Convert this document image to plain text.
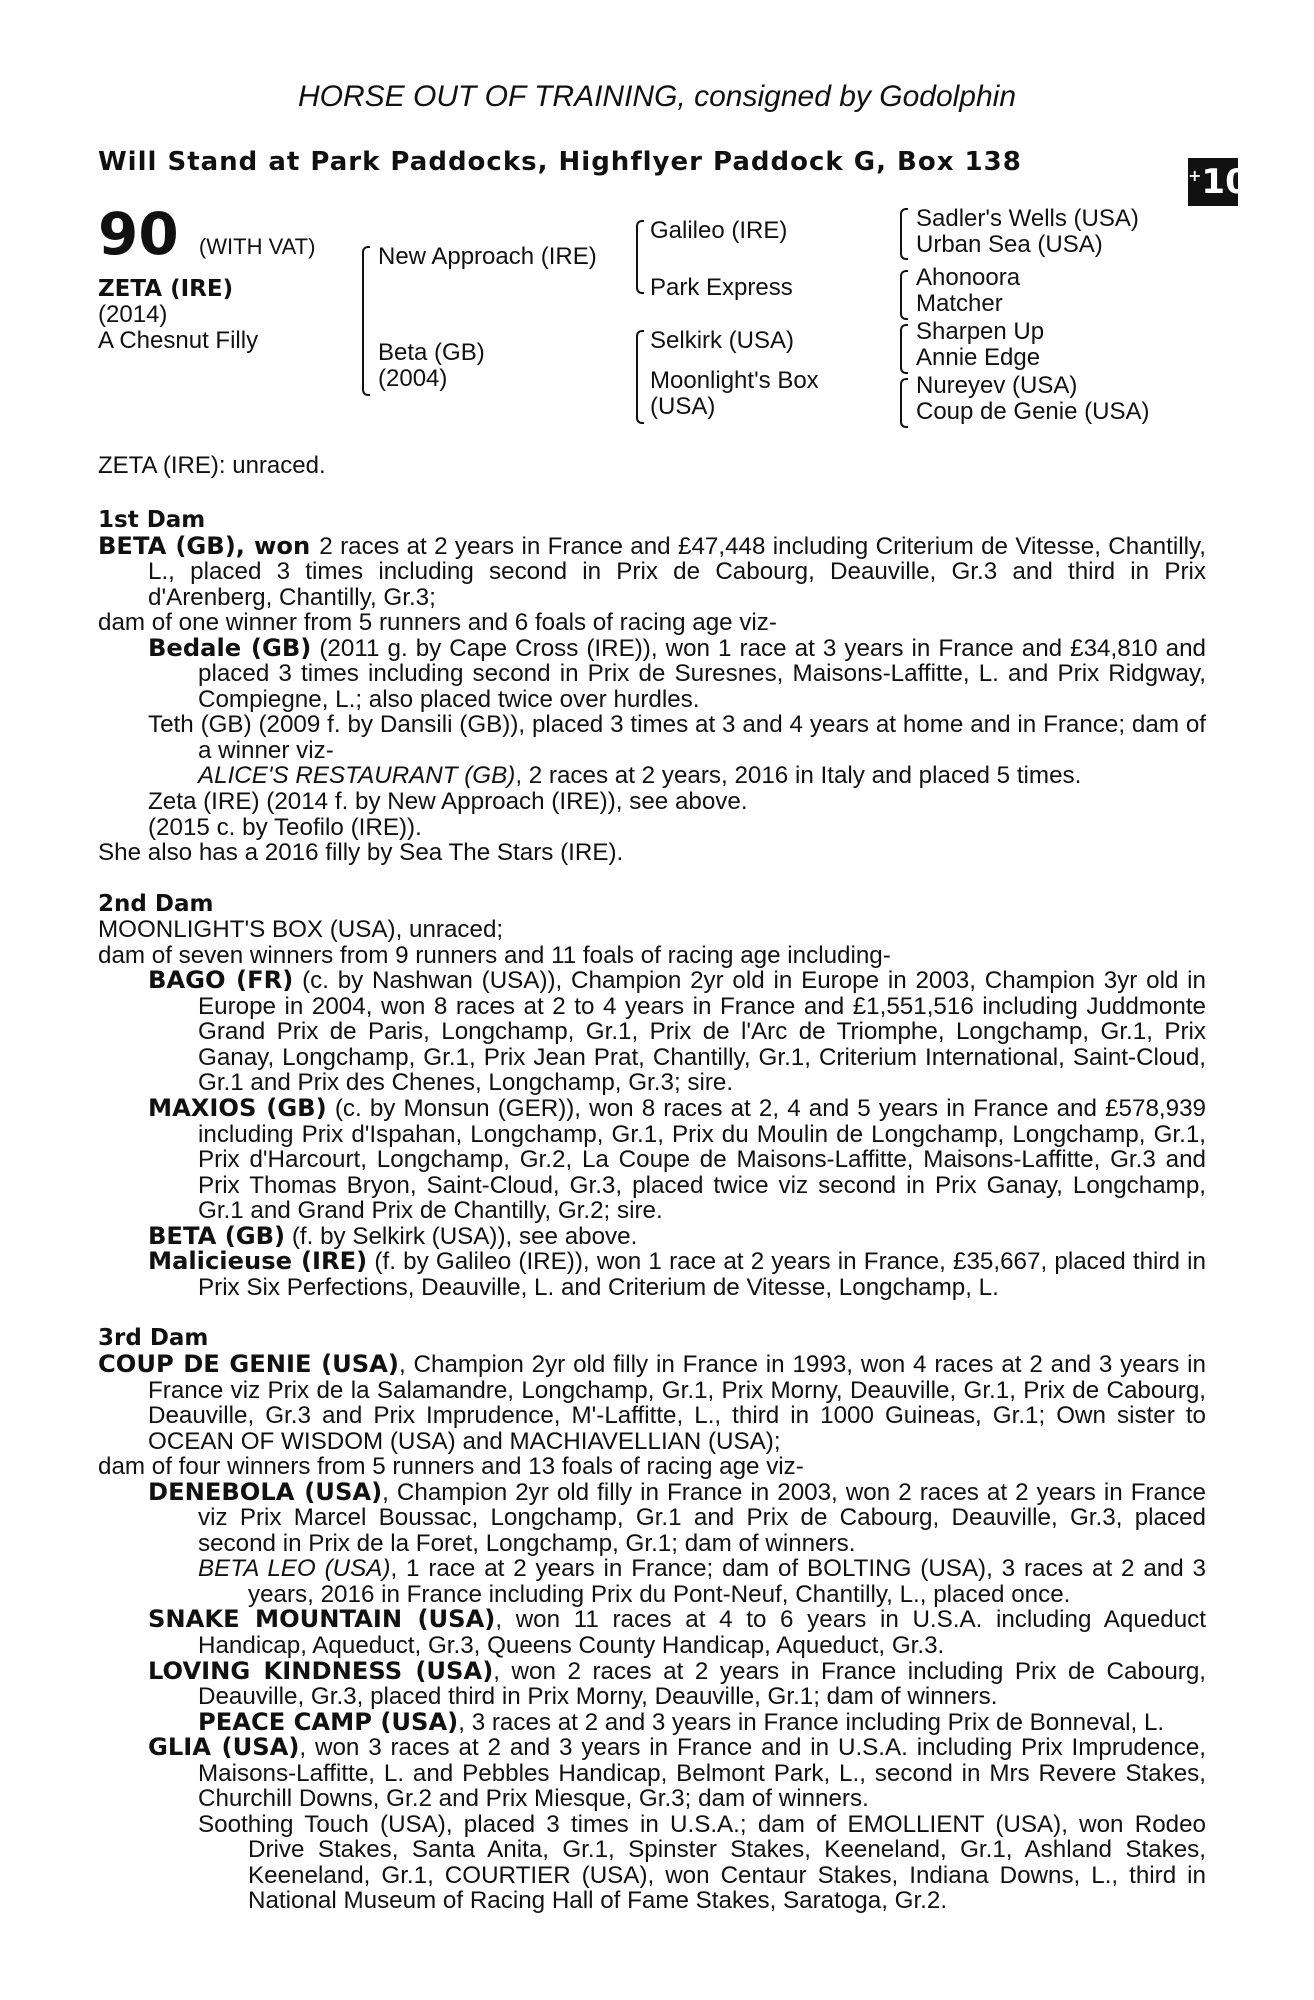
HORSE OUT OF TRAINING, consigned by Godolphin
Will Stand at Park Paddocks, Highflyer Paddock G, Box 138	+10
90 (WITH VAT)
ZETA (IRE)
(2014)
A Chesnut Filly
New Approach (IRE)
Beta (GB)
(2004)
Galileo (IRE)
Park Express
Selkirk (USA)
Moonlight's Box
(USA)
Sadler's Wells (USA)
Urban Sea (USA)
Ahonoora
Matcher
Sharpen Up
Annie Edge
Nureyev (USA)
Coup de Genie (USA)
ZETA (IRE): unraced.

1st Dam

BETA (GB), won 2 races at 2 years in France and £47,448 including Criterium de Vitesse, Chantilly, L., placed 3 times including second in Prix de Cabourg, Deauville, Gr.3 and third in Prix d'Arenberg, Chantilly, Gr.3;

dam of one winner from 5 runners and 6 foals of racing age viz-

Bedale (GB) (2011 g. by Cape Cross (IRE)), won 1 race at 3 years in France and £34,810 and placed 3 times including second in Prix de Suresnes, Maisons-Laffitte, L. and Prix Ridgway, Compiegne, L.; also placed twice over hurdles.

Teth (GB) (2009 f. by Dansili (GB)), placed 3 times at 3 and 4 years at home and in France; dam of a winner viz-

ALICE'S RESTAURANT (GB), 2 races at 2 years, 2016 in Italy and placed 5 times.

Zeta (IRE) (2014 f. by New Approach (IRE)), see above.

(2015 c. by Teofilo (IRE)).

She also has a 2016 filly by Sea The Stars (IRE).

2nd Dam

MOONLIGHT'S BOX (USA), unraced;

dam of seven winners from 9 runners and 11 foals of racing age including-

BAGO (FR) (c. by Nashwan (USA)), Champion 2yr old in Europe in 2003, Champion 3yr old in Europe in 2004, won 8 races at 2 to 4 years in France and £1,551,516 including Juddmonte Grand Prix de Paris, Longchamp, Gr.1, Prix de l'Arc de Triomphe, Longchamp, Gr.1, Prix Ganay, Longchamp, Gr.1, Prix Jean Prat, Chantilly, Gr.1, Criterium International, Saint-Cloud, Gr.1 and Prix des Chenes, Longchamp, Gr.3; sire.

MAXIOS (GB) (c. by Monsun (GER)), won 8 races at 2, 4 and 5 years in France and £578,939 including Prix d'Ispahan, Longchamp, Gr.1, Prix du Moulin de Longchamp, Longchamp, Gr.1, Prix d'Harcourt, Longchamp, Gr.2, La Coupe de Maisons-Laffitte, Maisons-Laffitte, Gr.3 and Prix Thomas Bryon, Saint-Cloud, Gr.3, placed twice viz second in Prix Ganay, Longchamp, Gr.1 and Grand Prix de Chantilly, Gr.2; sire.

BETA (GB) (f. by Selkirk (USA)), see above.

Malicieuse (IRE) (f. by Galileo (IRE)), won 1 race at 2 years in France, £35,667, placed third in Prix Six Perfections, Deauville, L. and Criterium de Vitesse, Longchamp, L.

3rd Dam

COUP DE GENIE (USA), Champion 2yr old filly in France in 1993, won 4 races at 2 and 3 years in France viz Prix de la Salamandre, Longchamp, Gr.1, Prix Morny, Deauville, Gr.1, Prix de Cabourg, Deauville, Gr.3 and Prix Imprudence, M'-Laffitte, L., third in 1000 Guineas, Gr.1; Own sister to OCEAN OF WISDOM (USA) and MACHIAVELLIAN (USA);

dam of four winners from 5 runners and 13 foals of racing age viz-

DENEBOLA (USA), Champion 2yr old filly in France in 2003, won 2 races at 2 years in France viz Prix Marcel Boussac, Longchamp, Gr.1 and Prix de Cabourg, Deauville, Gr.3, placed second in Prix de la Foret, Longchamp, Gr.1; dam of winners.

BETA LEO (USA), 1 race at 2 years in France; dam of BOLTING (USA), 3 races at 2 and 3 years, 2016 in France including Prix du Pont-Neuf, Chantilly, L., placed once.

SNAKE MOUNTAIN (USA), won 11 races at 4 to 6 years in U.S.A. including Aqueduct Handicap, Aqueduct, Gr.3, Queens County Handicap, Aqueduct, Gr.3.

LOVING KINDNESS (USA), won 2 races at 2 years in France including Prix de Cabourg, Deauville, Gr.3, placed third in Prix Morny, Deauville, Gr.1; dam of winners.

PEACE CAMP (USA), 3 races at 2 and 3 years in France including Prix de Bonneval, L.

GLIA (USA), won 3 races at 2 and 3 years in France and in U.S.A. including Prix Imprudence, Maisons-Laffitte, L. and Pebbles Handicap, Belmont Park, L., second in Mrs Revere Stakes, Churchill Downs, Gr.2 and Prix Miesque, Gr.3; dam of winners.

Soothing Touch (USA), placed 3 times in U.S.A.; dam of EMOLLIENT (USA), won Rodeo Drive Stakes, Santa Anita, Gr.1, Spinster Stakes, Keeneland, Gr.1, Ashland Stakes, Keeneland, Gr.1, COURTIER (USA), won Centaur Stakes, Indiana Downs, L., third in National Museum of Racing Hall of Fame Stakes, Saratoga, Gr.2.
